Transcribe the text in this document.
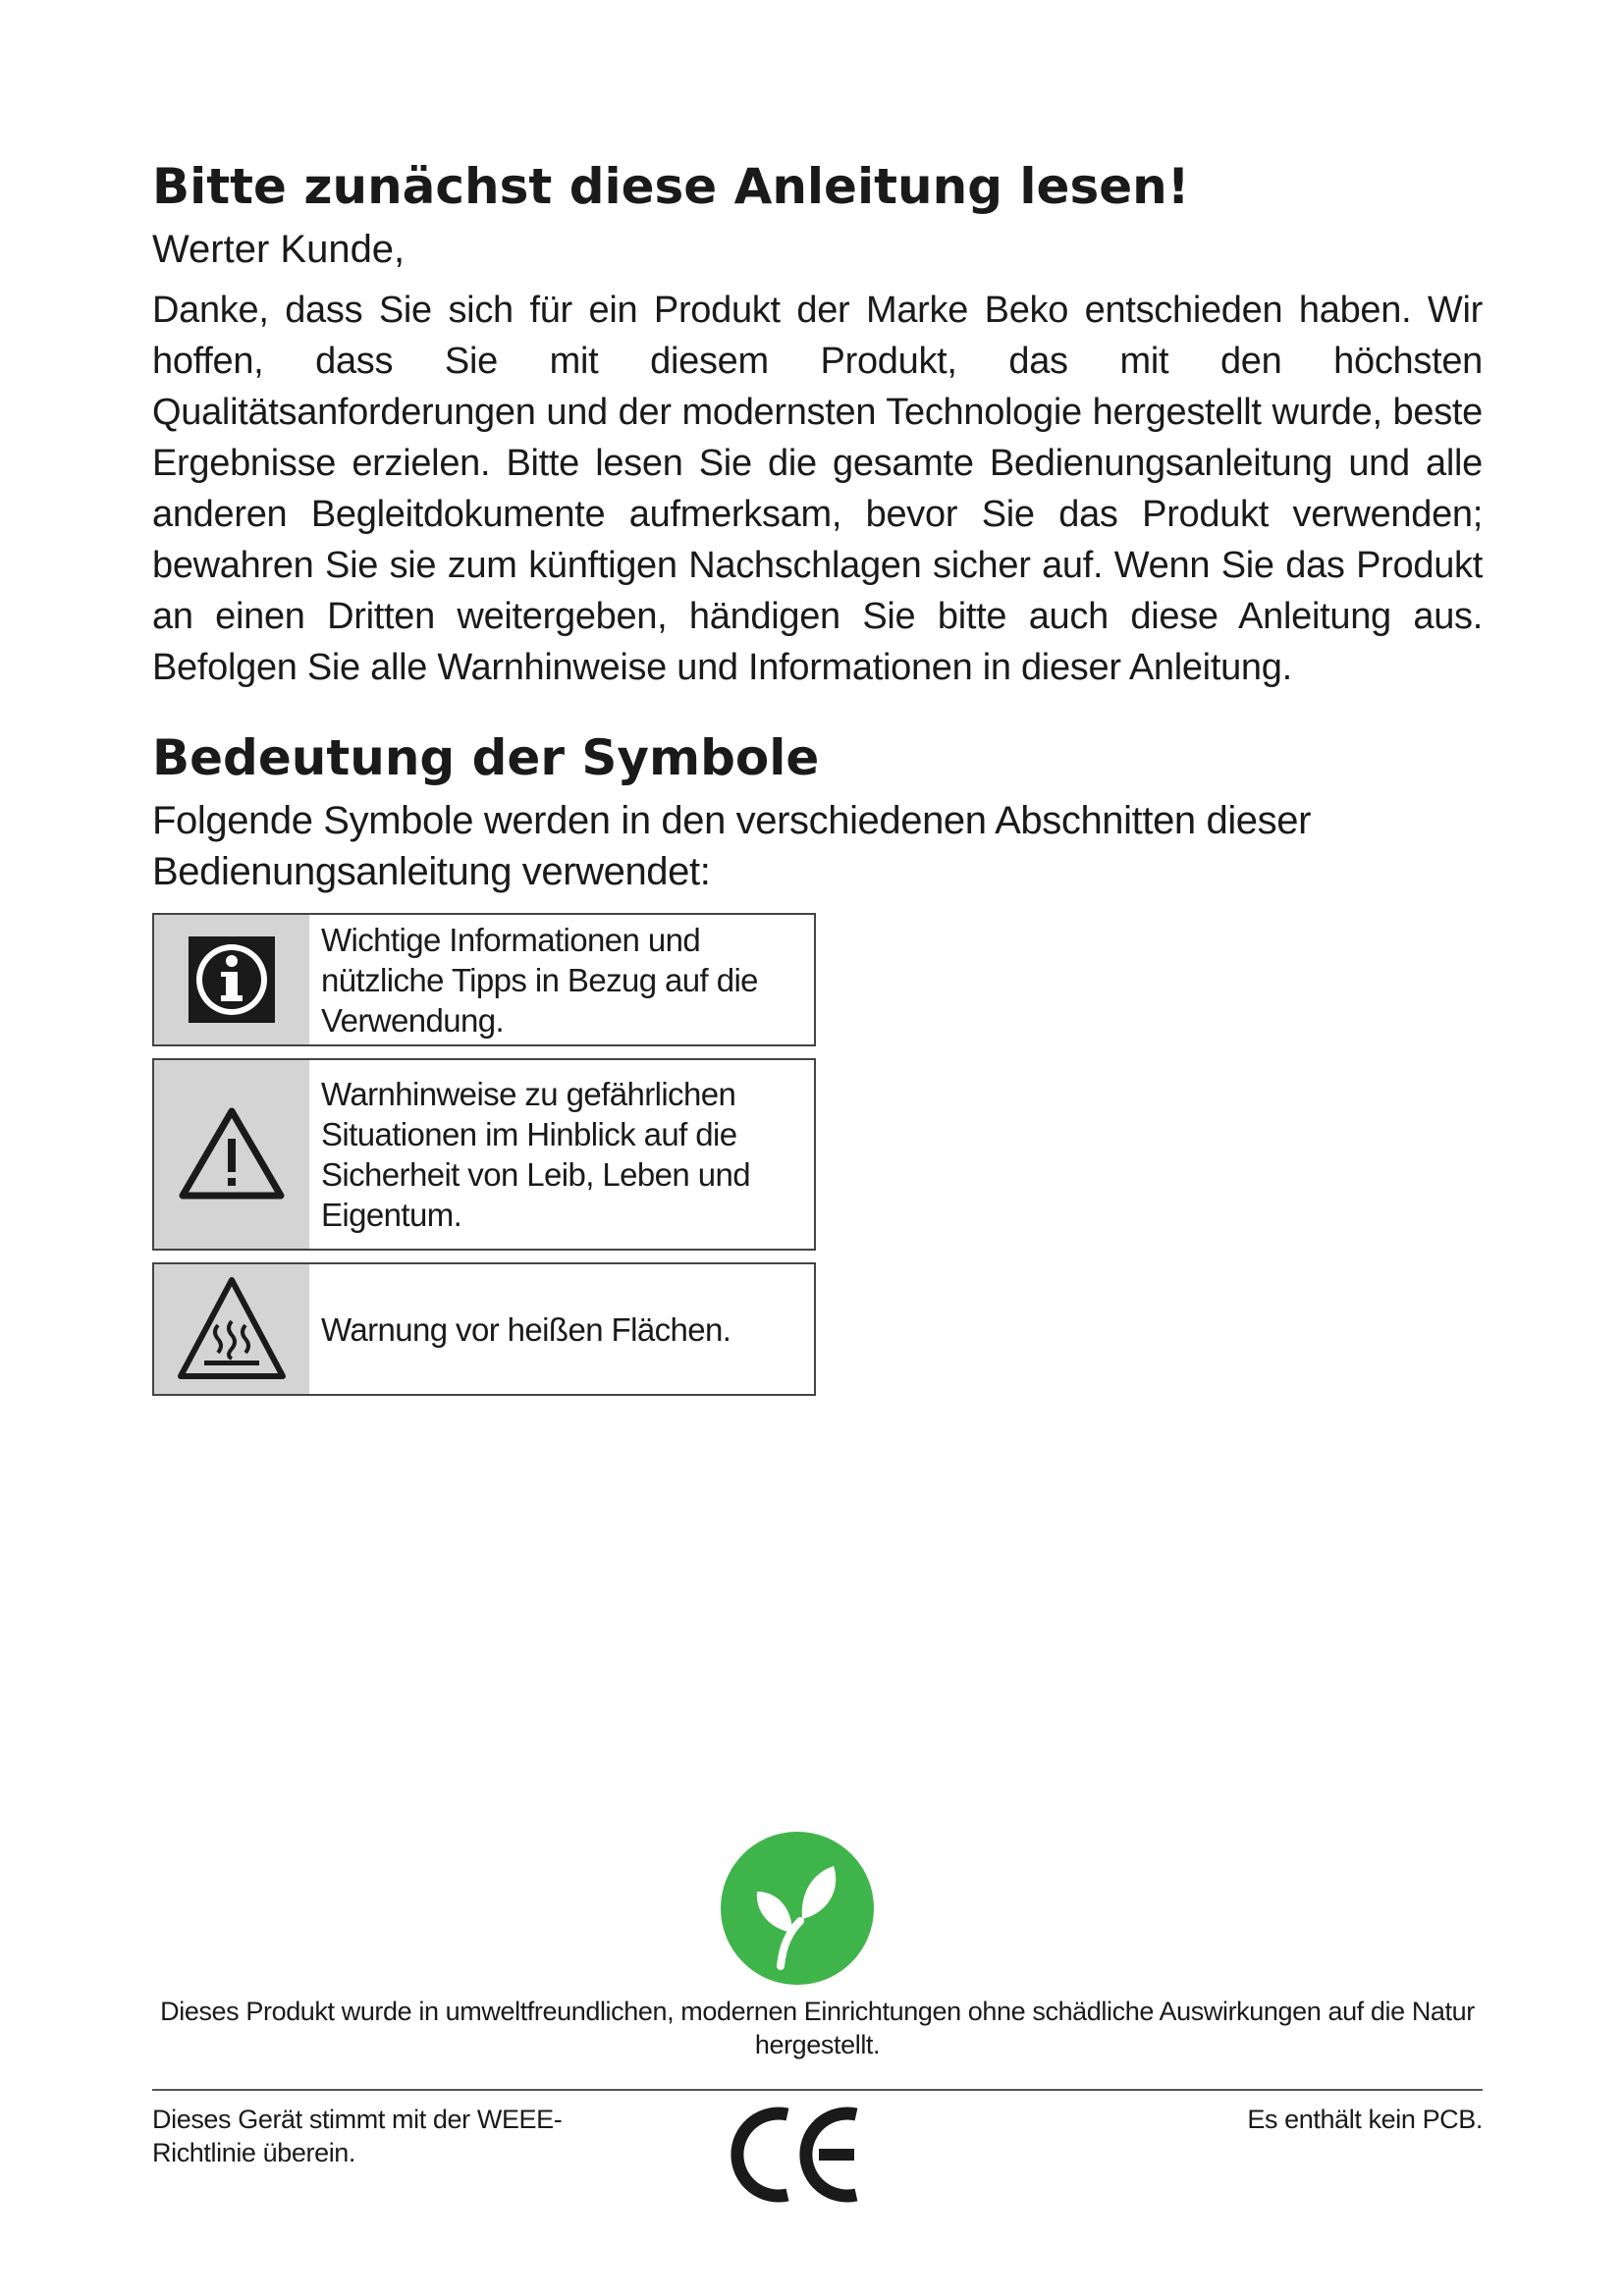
Bitte zunächst diese Anleitung lesen!
Werter Kunde,
Danke, dass Sie sich für ein Produkt der Marke Beko entschieden haben. Wir hoffen, dass Sie mit diesem Produkt, das mit den höchsten Qualitätsanforderungen und der modernsten Technologie hergestellt wurde, beste Ergebnisse erzielen. Bitte lesen Sie die gesamte Bedienungsanleitung und alle anderen Begleitdokumente aufmerksam, bevor Sie das Produkt verwenden; bewahren Sie sie zum künftigen Nachschlagen sicher auf. Wenn Sie das Produkt an einen Dritten weitergeben, händigen Sie bitte auch diese Anleitung aus. Befolgen Sie alle Warnhinweise und Informationen in dieser Anleitung.
Bedeutung der Symbole
Folgende Symbole werden in den verschiedenen Abschnitten dieser Bedienungsanleitung verwendet:
Wichtige Informationen und nützliche Tipps in Bezug auf die Verwendung.
Warnhinweise zu gefährlichen Situationen im Hinblick auf die Sicherheit von Leib, Leben und Eigentum.
Warnung vor heißen Flächen.
Dieses Produkt wurde in umweltfreundlichen, modernen Einrichtungen ohne schädliche Auswirkungen auf die Natur hergestellt.
Dieses Gerät stimmt mit der WEEE-Richtlinie überein.
Es enthält kein PCB.
